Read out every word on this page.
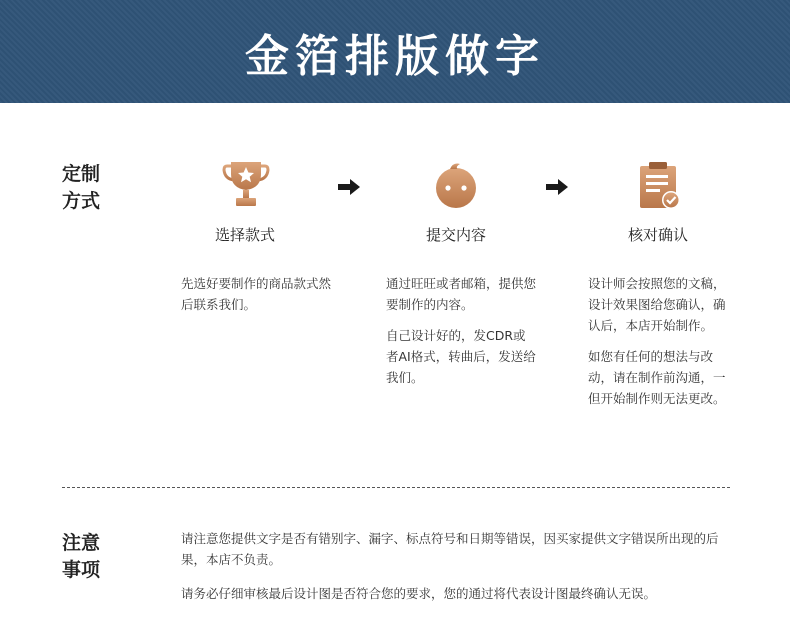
金箔排版做字
定制
方式
选择款式	提交内容	核对确认

先选好要制作的商品款式然后联系我们。

通过旺旺或者邮箱，提供您要制作的内容。

自己设计好的，发CDR或者AI格式，转曲后，发送给我们。

设计师会按照您的文稿，设计效果图给您确认，确认后，本店开始制作。

如您有任何的想法与改动，请在制作前沟通，一但开始制作则无法更改。

注意
事项
请注意您提供文字是否有错别字、漏字、标点符号和日期等错误，因买家提供文字错误所出现的后果，本店不负责。
请务必仔细审核最后设计图是否符合您的要求，您的通过将代表设计图最终确认无误。
